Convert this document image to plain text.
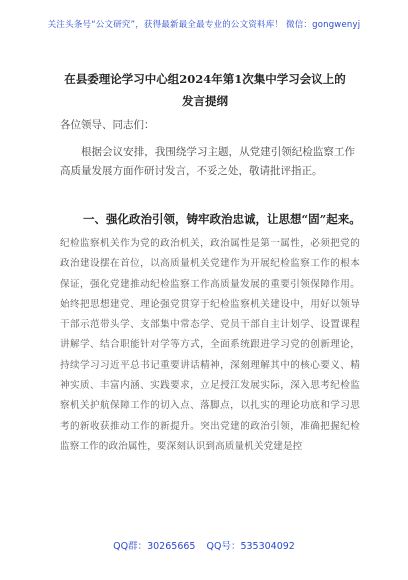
关注头条号“公文研究”，获得最新最全最专业的公文资料库！ 微信：gongwenyj
在县委理论学习中心组2024年第1次集中学习会议上的发言提纲
各位领导、同志们：

根据会议安排，我围绕学习主题，从党建引领纪检监察工作高质量发展方面作研讨发言，不妥之处，敬请批评指正。

一、强化政治引领，铸牢政治忠诚，让思想“固”起来。

纪检监察机关作为党的政治机关，政治属性是第一属性，必须把党的政治建设摆在首位，以高质量机关党建作为开展纪检监察工作的根本保证，强化党建推动纪检监察工作高质量发展的重要引领保障作用。始终把思想建党、理论强党贯穿于纪检监察机关建设中，用好以领导干部示范带头学、支部集中常态学、党员干部自主计划学、设置课程讲解学、结合职能针对学等方式，全面系统跟进学习党的创新理论，持续学习习近平总书记重要讲话精神，深刻理解其中的核心要义、精神实质、丰富内涵、实践要求，立足授江发展实际，深入思考纪检监察机关护航保障工作的切入点、落脚点，以扎实的理论功底和学习思考的新收获推动工作的新提升。突出党建的政治引领，准确把握纪检监察工作的政治属性，要深刻认识到高质量机关党建是控

QQ群：30265665 QQ号：535304092
